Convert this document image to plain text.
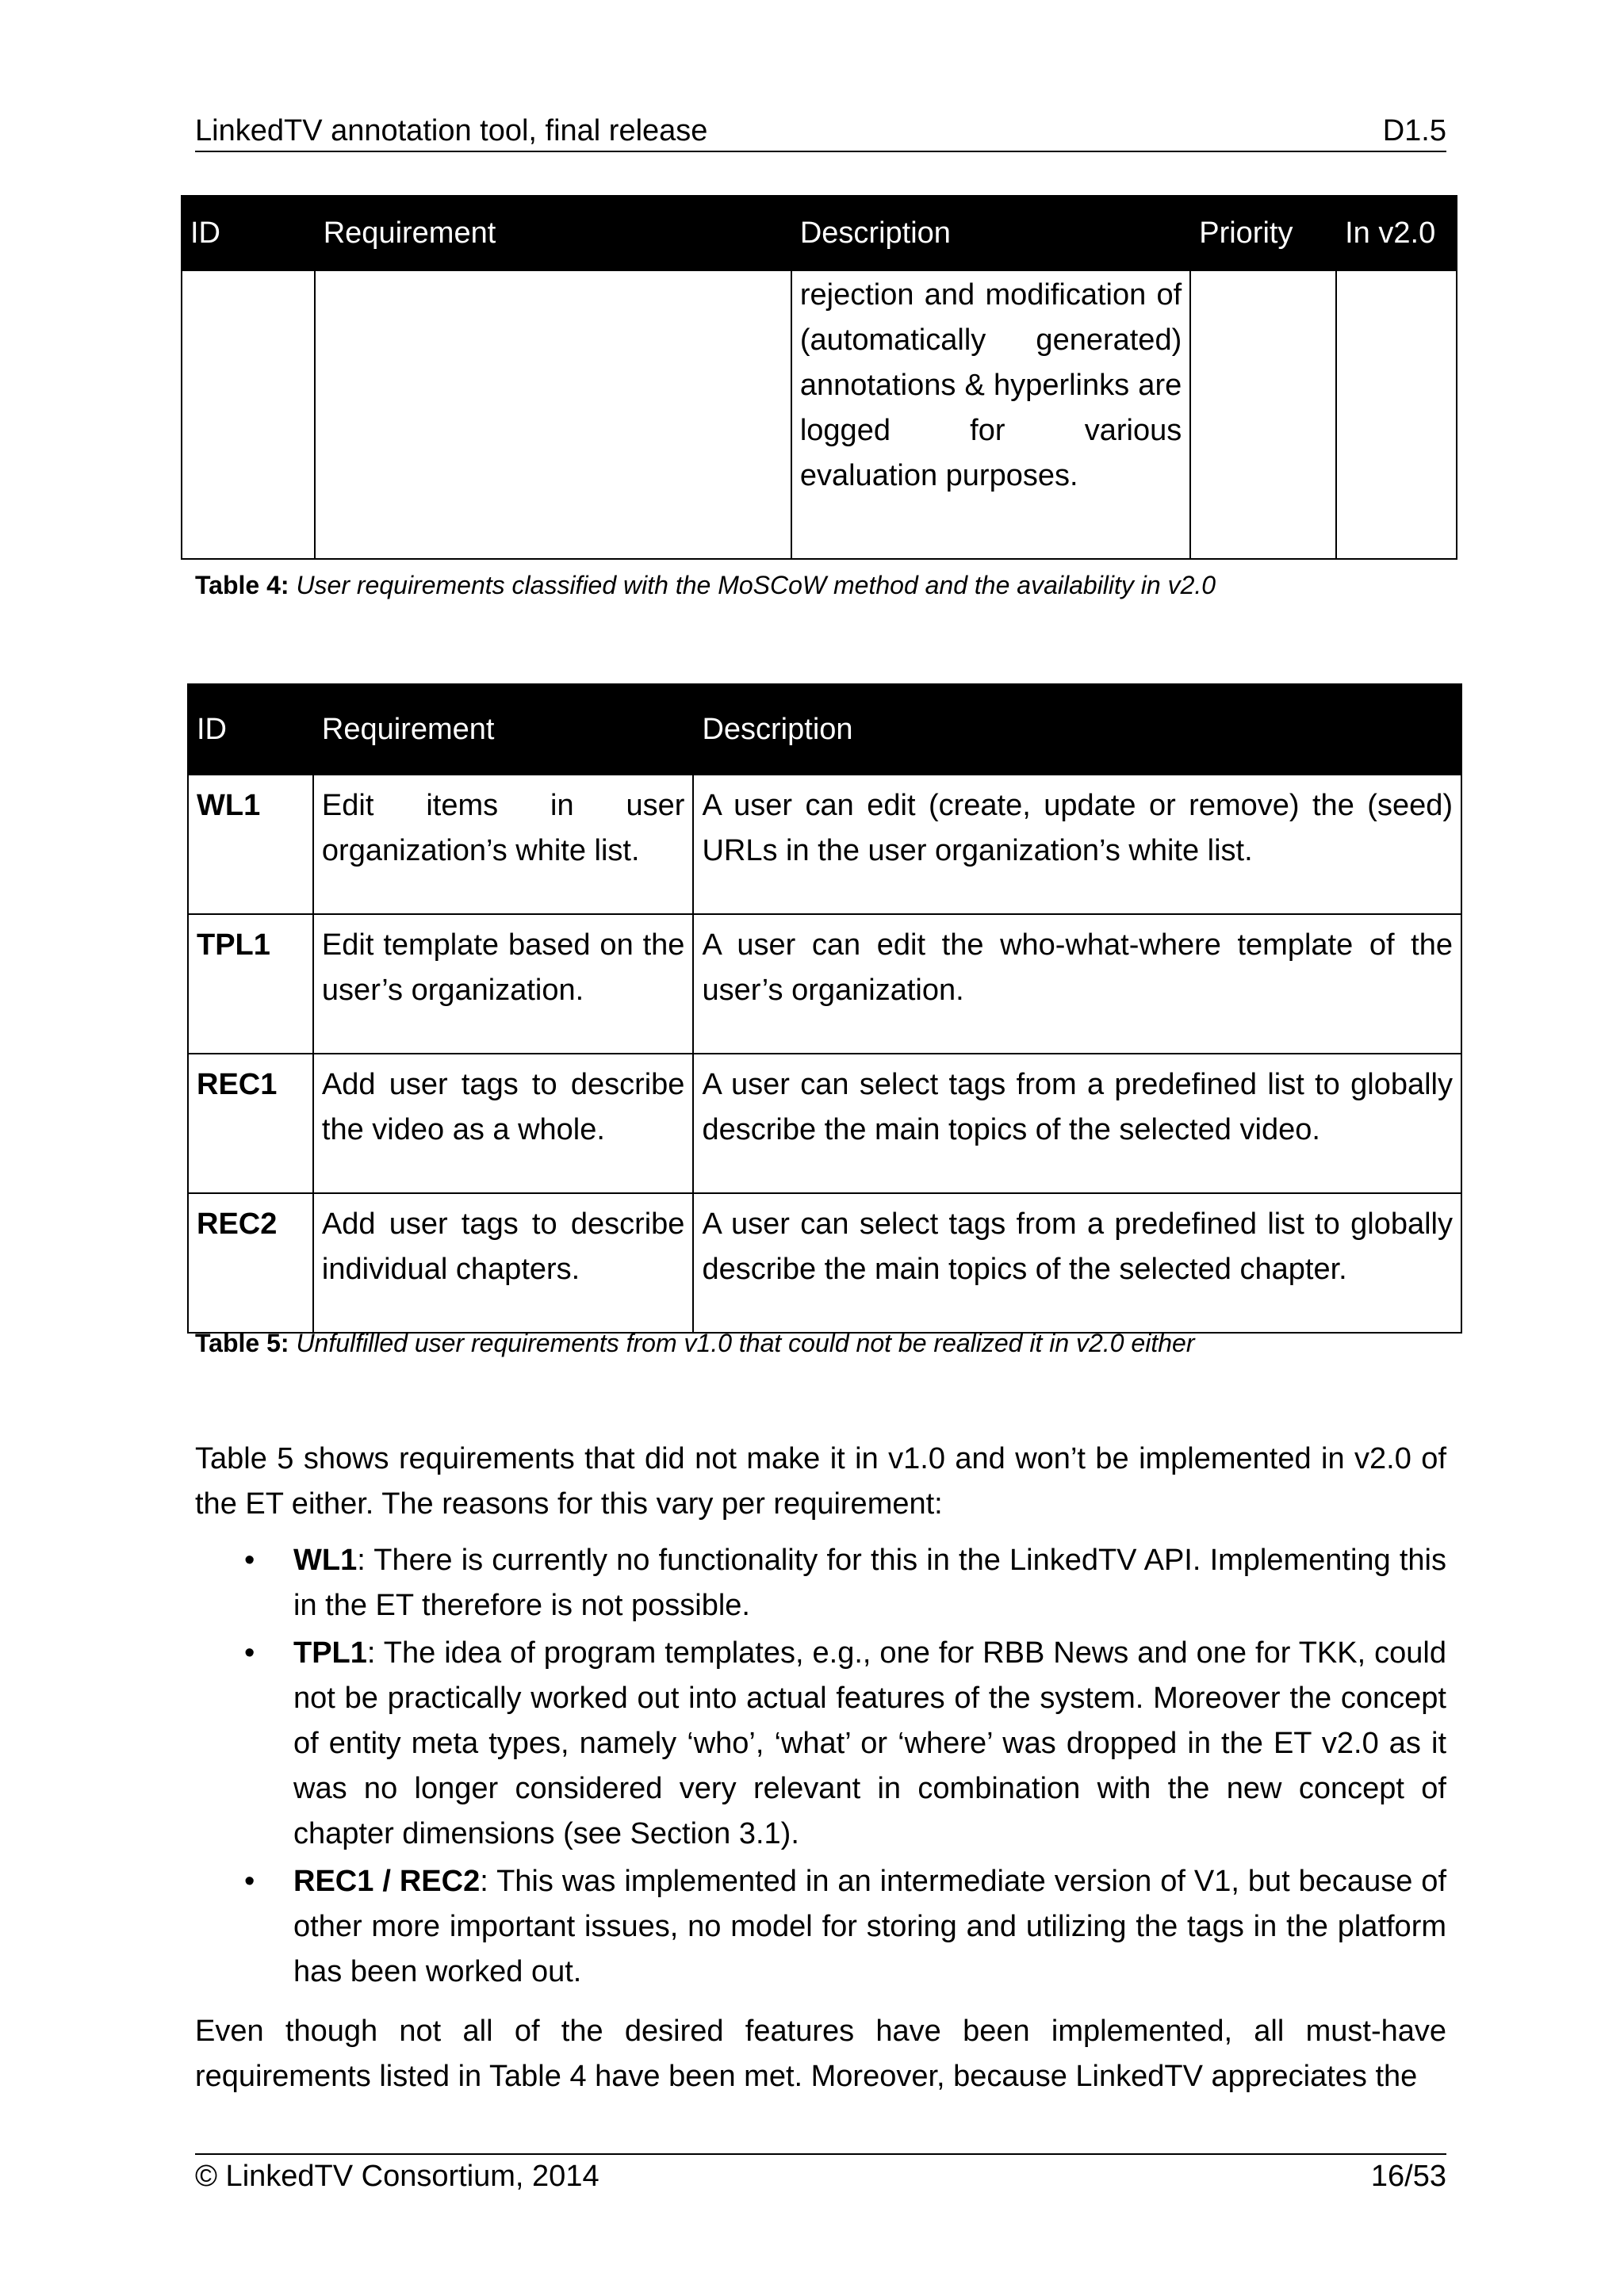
LinkedTV annotation tool, final release	D1.5
ID	Requirement	Description	Priority	In v2.0
		rejection and modification of (automatically generated) annotations & hyperlinks are logged for various evaluation purposes.		
Table 4: User requirements classified with the MoSCoW method and the availability in v2.0
ID	Requirement	Description
WL1	Edit items in user organization’s white list.	A user can edit (create, update or remove) the (seed) URLs in the user organization’s white list.
TPL1	Edit template based on the user’s organization.	A user can edit the who-what-where template of the user’s organization.
REC1	Add user tags to describe the video as a whole.	A user can select tags from a predefined list to globally describe the main topics of the selected video.
REC2	Add user tags to describe individual chapters.	A user can select tags from a predefined list to globally describe the main topics of the selected chapter.
Table 5: Unfulfilled user requirements from v1.0 that could not be realized it in v2.0 either
Table 5 shows requirements that did not make it in v1.0 and won’t be implemented in v2.0 of the ET either. The reasons for this vary per requirement:
• WL1: There is currently no functionality for this in the LinkedTV API. Implementing this in the ET therefore is not possible.
• TPL1: The idea of program templates, e.g., one for RBB News and one for TKK, could not be practically worked out into actual features of the system. Moreover the concept of entity meta types, namely ‘who’, ‘what’ or ‘where’ was dropped in the ET v2.0 as it was no longer considered very relevant in combination with the new concept of chapter dimensions (see Section 3.1).
• REC1 / REC2: This was implemented in an intermediate version of V1, but because of other more important issues, no model for storing and utilizing the tags in the platform has been worked out.
Even though not all of the desired features have been implemented, all must-have requirements listed in Table 4 have been met. Moreover, because LinkedTV appreciates the
© LinkedTV Consortium, 2014	16/53
